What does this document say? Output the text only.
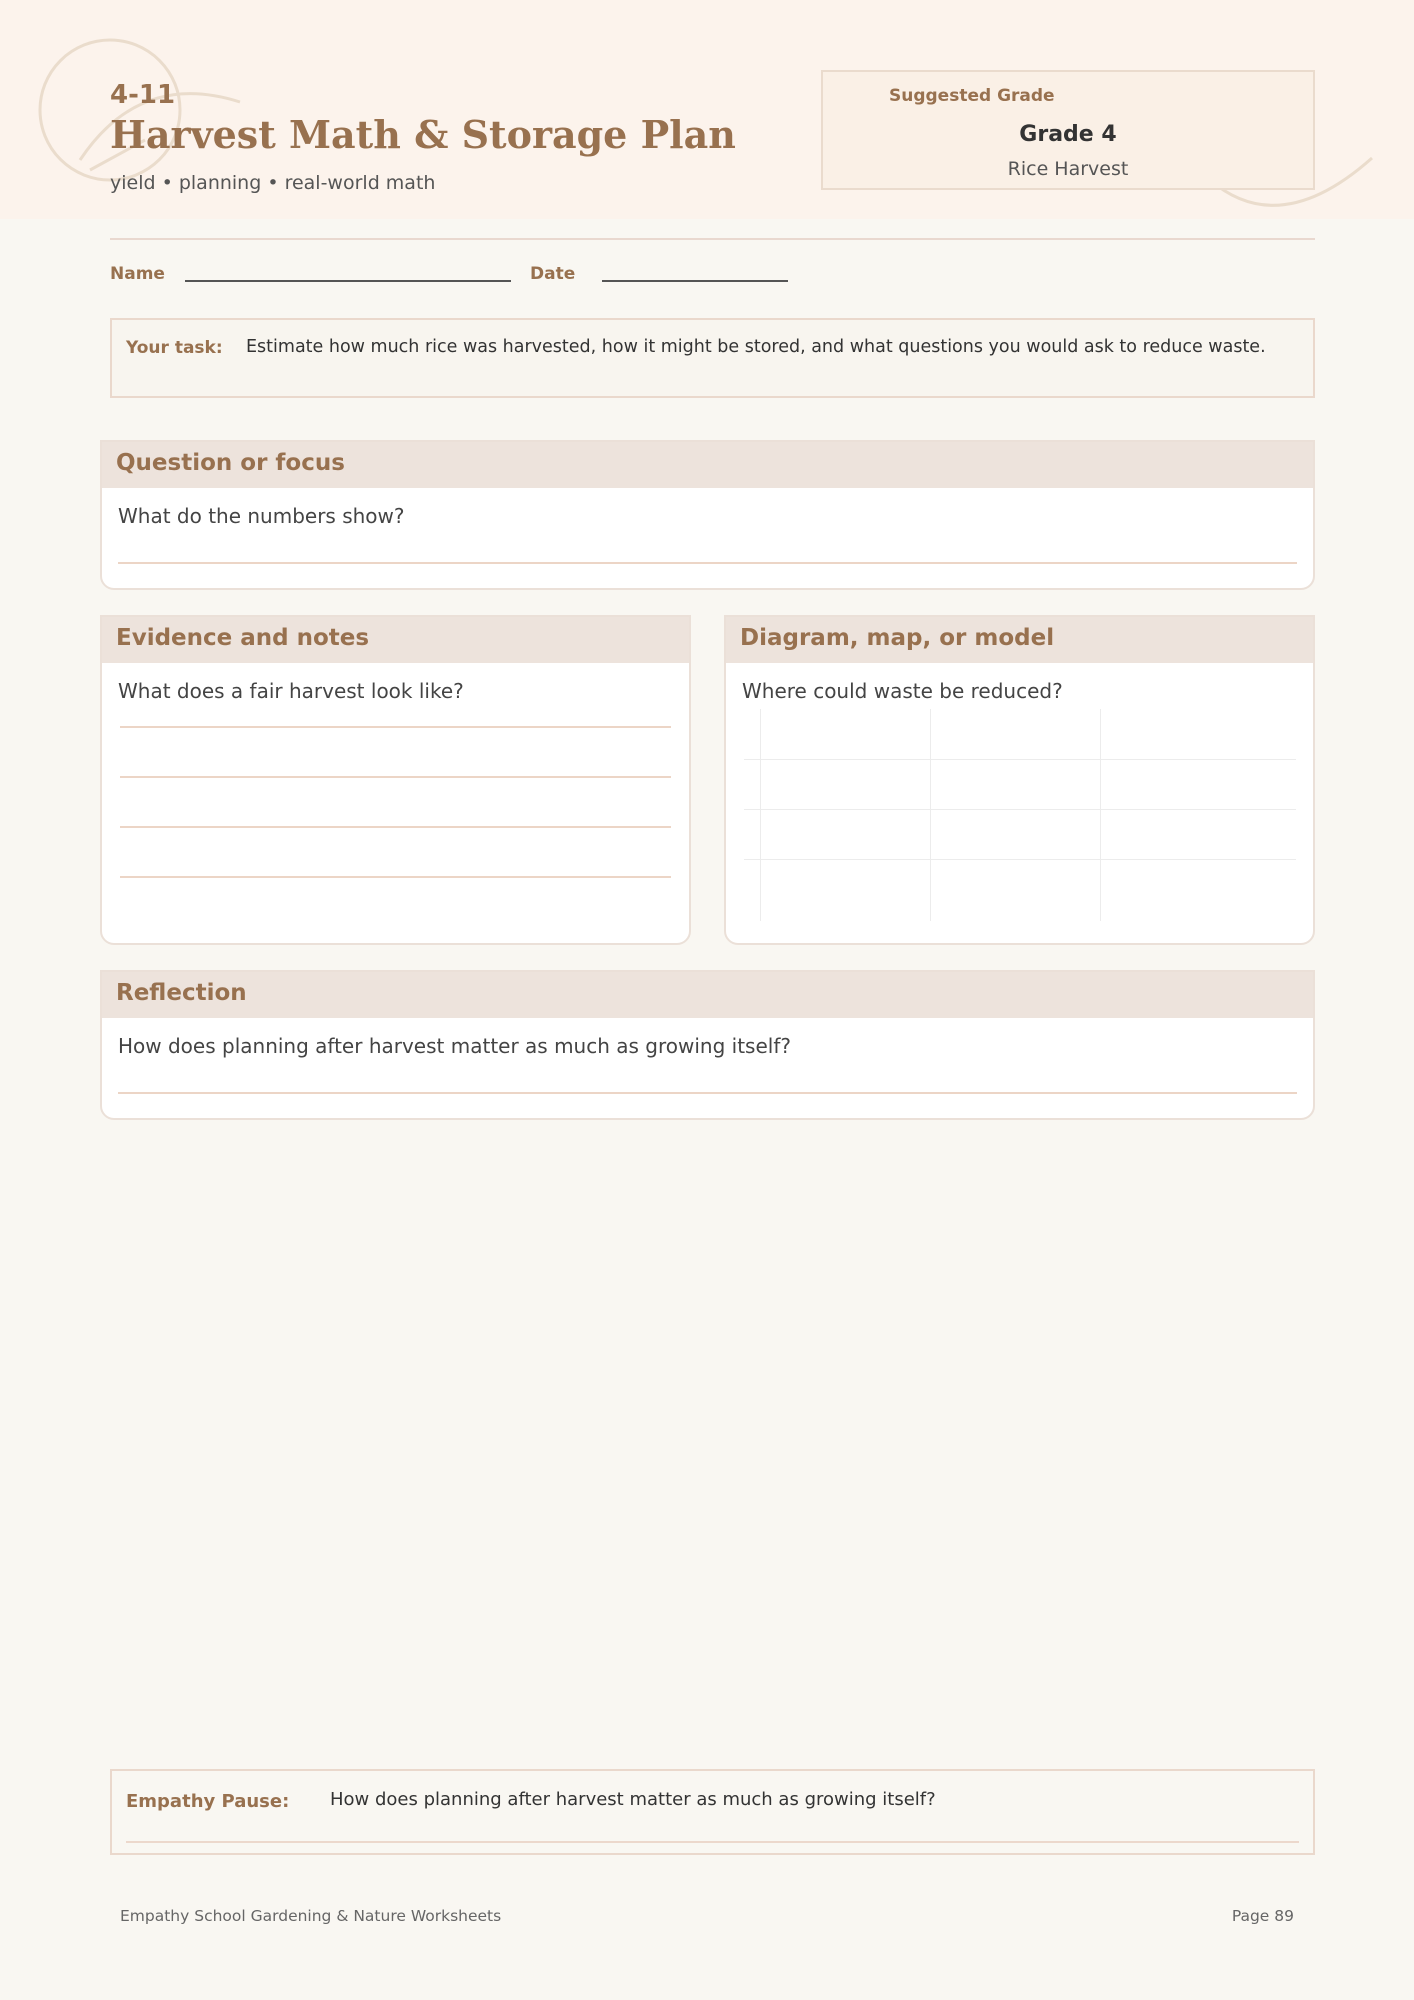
4-11
Harvest Math & Storage Plan
yield • planning • real-world math
Suggested Grade
Grade 4
Rice Harvest
Name	Date
Your task: Estimate how much rice was harvested, how it might be stored, and what questions you would ask to reduce waste.
Question or focus
What do the numbers show?
Evidence and notes
What does a fair harvest look like?
Diagram, map, or model
Where could waste be reduced?
Reflection
How does planning after harvest matter as much as growing itself?
Empathy Pause: How does planning after harvest matter as much as growing itself?
Empathy School Gardening & Nature Worksheets	Page 89
